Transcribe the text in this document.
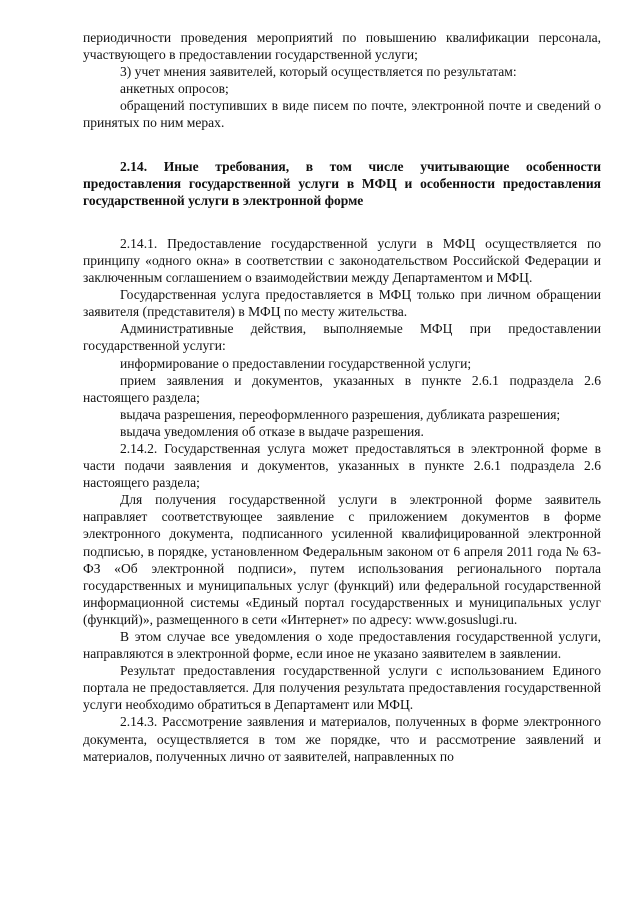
периодичности проведения мероприятий по повышению квалификации персонала, участвующего в предоставлении государственной услуги;

3) учет мнения заявителей, который осуществляется по результатам:

анкетных опросов;

обращений поступивших в виде писем по почте, электронной почте и сведений о принятых по ним мерах.

2.14. Иные требования, в том числе учитывающие особенности предоставления государственной услуги в МФЦ и особенности предоставления государственной услуги в электронной форме

2.14.1. Предоставление государственной услуги в МФЦ осуществляется по принципу «одного окна» в соответствии с законодательством Российской Федерации и заключенным соглашением о взаимодействии между Департаментом и МФЦ.

Государственная услуга предоставляется в МФЦ только при личном обращении заявителя (представителя) в МФЦ по месту жительства.

Административные действия, выполняемые МФЦ при предоставлении государственной услуги:

информирование о предоставлении государственной услуги;

прием заявления и документов, указанных в пункте 2.6.1 подраздела 2.6 настоящего раздела;

выдача разрешения, переоформленного разрешения, дубликата разрешения;

выдача уведомления об отказе в выдаче разрешения.

2.14.2. Государственная услуга может предоставляться в электронной форме в части подачи заявления и документов, указанных в пункте 2.6.1 подраздела 2.6 настоящего раздела;

Для получения государственной услуги в электронной форме заявитель направляет соответствующее заявление с приложением документов в форме электронного документа, подписанного усиленной квалифицированной электронной подписью, в порядке, установленном Федеральным законом от 6 апреля 2011 года № 63-ФЗ «Об электронной подписи», путем использования регионального портала государственных и муниципальных услуг (функций) или федеральной государственной информационной системы «Единый портал государственных и муниципальных услуг (функций)», размещенного в сети «Интернет» по адресу: www.gosuslugi.ru.

В этом случае все уведомления о ходе предоставления государственной услуги, направляются в электронной форме, если иное не указано заявителем в заявлении.

Результат предоставления государственной услуги с использованием Единого портала не предоставляется. Для получения результата предоставления государственной услуги необходимо обратиться в Департамент или МФЦ.

2.14.3. Рассмотрение заявления и материалов, полученных в форме электронного документа, осуществляется в том же порядке, что и рассмотрение заявлений и материалов, полученных лично от заявителей, направленных по
